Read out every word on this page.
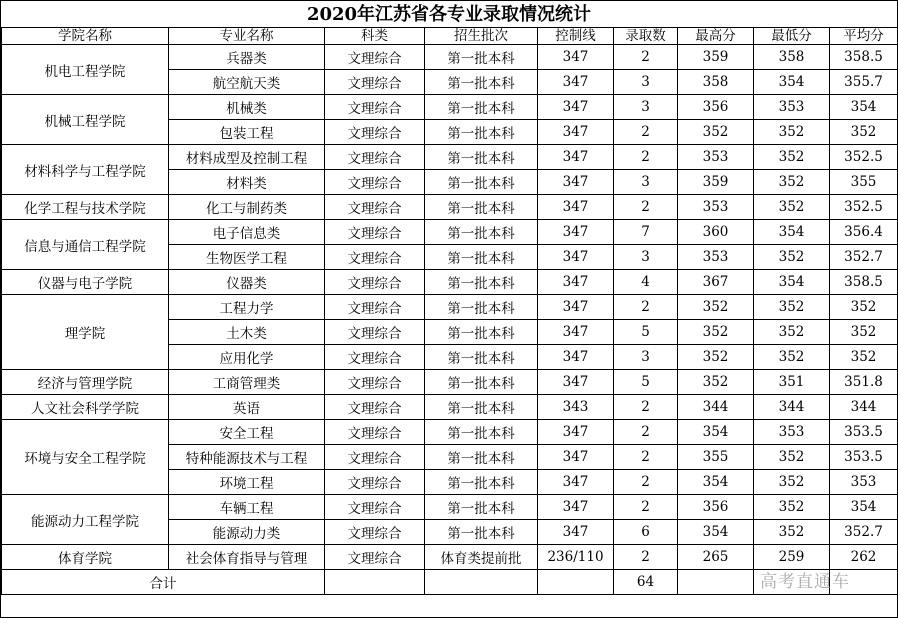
2020年江苏省各专业录取情况统计
学院名称	专业名称	科类	招生批次	控制线	录取数	最高分	最低分	平均分
机电工程学院	兵器类	文理综合	第一批本科	347	2	359	358	358.5
	航空航天类	文理综合	第一批本科	347	3	358	354	355.7
机械工程学院	机械类	文理综合	第一批本科	347	3	356	353	354
	包装工程	文理综合	第一批本科	347	2	352	352	352
材料科学与工程学院	材料成型及控制工程	文理综合	第一批本科	347	2	353	352	352.5
	材料类	文理综合	第一批本科	347	3	359	352	355
化学工程与技术学院	化工与制药类	文理综合	第一批本科	347	2	353	352	352.5
信息与通信工程学院	电子信息类	文理综合	第一批本科	347	7	360	354	356.4
	生物医学工程	文理综合	第一批本科	347	3	353	352	352.7
仪器与电子学院	仪器类	文理综合	第一批本科	347	4	367	354	358.5
理学院	工程力学	文理综合	第一批本科	347	2	352	352	352
	土木类	文理综合	第一批本科	347	5	352	352	352
	应用化学	文理综合	第一批本科	347	3	352	352	352
经济与管理学院	工商管理类	文理综合	第一批本科	347	5	352	351	351.8
人文社会科学学院	英语	文理综合	第一批本科	343	2	344	344	344
环境与安全工程学院	安全工程	文理综合	第一批本科	347	2	354	353	353.5
	特种能源技术与工程	文理综合	第一批本科	347	2	355	352	353.5
	环境工程	文理综合	第一批本科	347	2	354	352	353
能源动力工程学院	车辆工程	文理综合	第一批本科	347	2	356	352	354
	能源动力类	文理综合	第一批本科	347	6	354	352	352.7
体育学院	社会体育指导与管理	文理综合	体育类提前批	236/110	2	265	259	262
合计					64				高考直通车
